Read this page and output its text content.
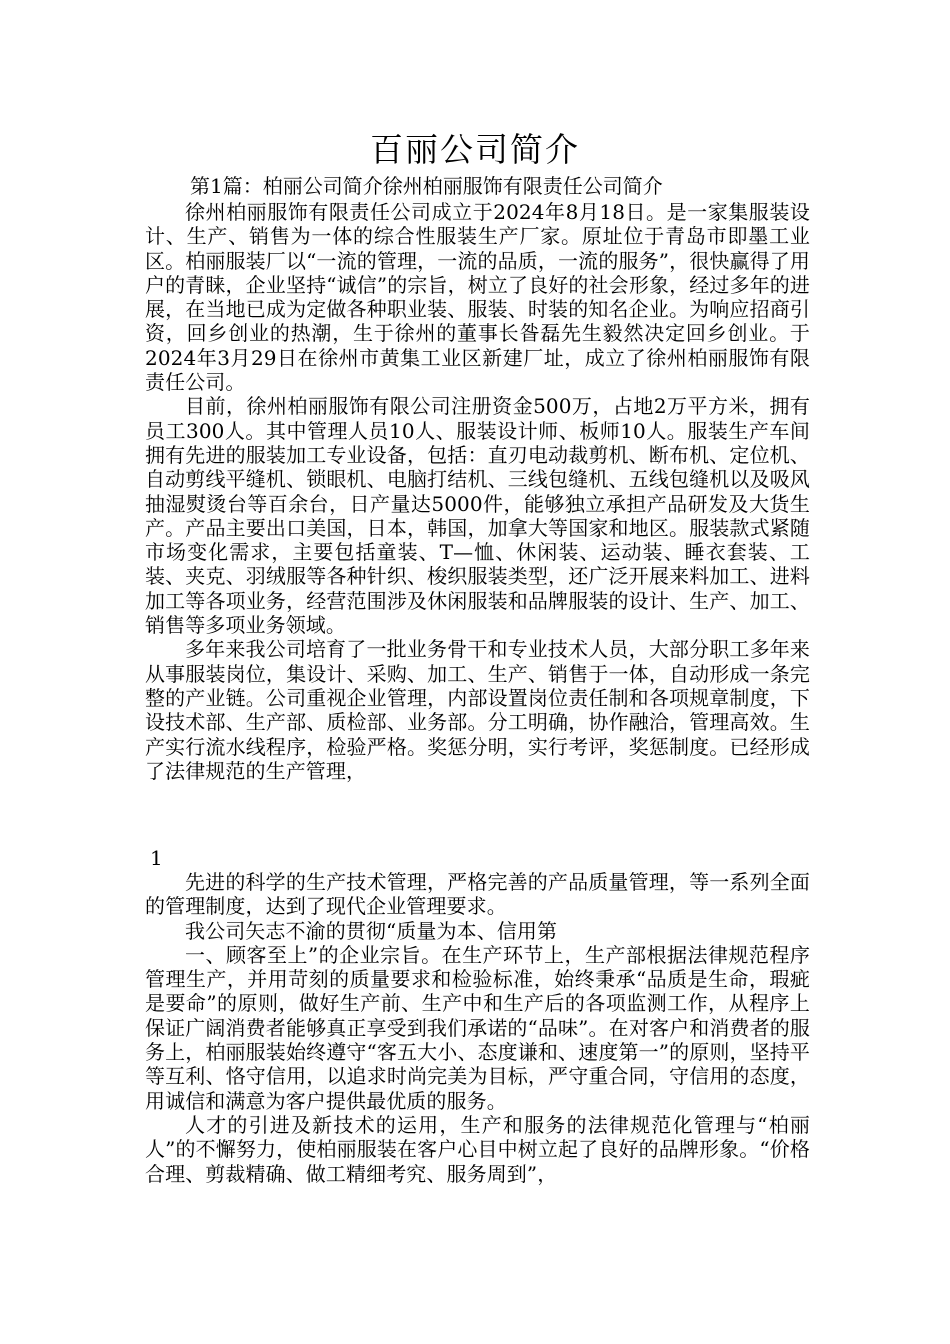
百丽公司简介
第1篇：柏丽公司简介徐州柏丽服饰有限责任公司简介

徐州柏丽服饰有限责任公司成立于2024年8月18日。是一家集服装设计、生产、销售为一体的综合性服装生产厂家。原址位于青岛市即墨工业区。柏丽服装厂以“一流的管理，一流的品质，一流的服务”，很快赢得了用户的青睐，企业坚持“诚信”的宗旨，树立了良好的社会形象，经过多年的进展，在当地已成为定做各种职业装、服装、时装的知名企业。为响应招商引资，回乡创业的热潮，生于徐州的董事长昝磊先生毅然决定回乡创业。于2024年3月29日在徐州市黄集工业区新建厂址，成立了徐州柏丽服饰有限责任公司。

目前，徐州柏丽服饰有限公司注册资金500万，占地2万平方米，拥有员工300人。其中管理人员10人、服装设计师、板师10人。服装生产车间拥有先进的服装加工专业设备，包括：直刃电动裁剪机、断布机、定位机、自动剪线平缝机、锁眼机、电脑打结机、三线包缝机、五线包缝机以及吸风抽湿熨烫台等百余台，日产量达5000件，能够独立承担产品研发及大货生产。产品主要出口美国，日本，韩国，加拿大等国家和地区。服装款式紧随市场变化需求，主要包括童装、T—恤、休闲装、运动装、睡衣套装、工装、夹克、羽绒服等各种针织、梭织服装类型，还广泛开展来料加工、进料加工等各项业务，经营范围涉及休闲服装和品牌服装的设计、生产、加工、销售等多项业务领域。

多年来我公司培育了一批业务骨干和专业技术人员，大部分职工多年来从事服装岗位，集设计、采购、加工、生产、销售于一体，自动形成一条完整的产业链。公司重视企业管理，内部设置岗位责任制和各项规章制度，下设技术部、生产部、质检部、业务部。分工明确，协作融洽，管理高效。生产实行流水线程序，检验严格。奖惩分明，实行考评，奖惩制度。已经形成了法律规范的生产管理，

1

先进的科学的生产技术管理，严格完善的产品质量管理，等一系列全面的管理制度，达到了现代企业管理要求。

我公司矢志不渝的贯彻“质量为本、信用第

一、顾客至上”的企业宗旨。在生产环节上，生产部根据法律规范程序管理生产，并用苛刻的质量要求和检验标准，始终秉承“品质是生命，瑕疵是要命”的原则，做好生产前、生产中和生产后的各项监测工作，从程序上保证广阔消费者能够真正享受到我们承诺的“品味”。在对客户和消费者的服务上，柏丽服装始终遵守“客五大小、态度谦和、速度第一”的原则，坚持平等互利、恪守信用，以追求时尚完美为目标，严守重合同，守信用的态度，用诚信和满意为客户提供最优质的服务。

人才的引进及新技术的运用，生产和服务的法律规范化管理与“柏丽人”的不懈努力，使柏丽服装在客户心目中树立起了良好的品牌形象。“价格合理、剪裁精确、做工精细考究、服务周到”，
